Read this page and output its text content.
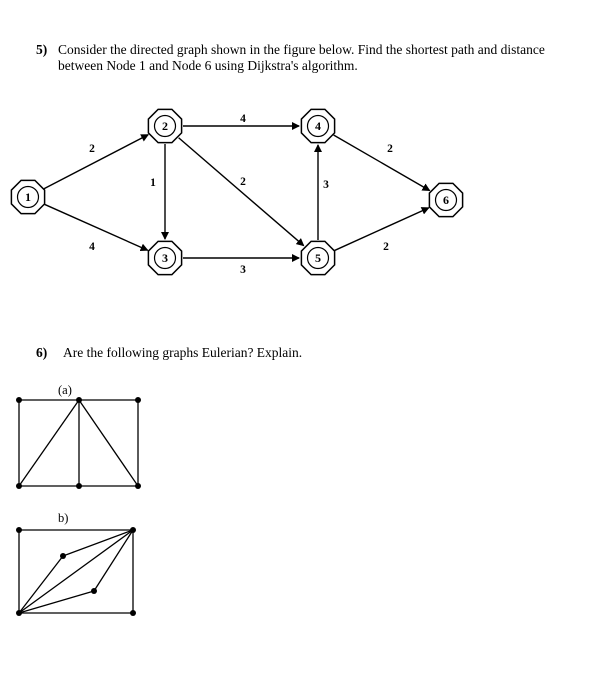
5) Consider the directed graph shown in the figure below. Find the shortest path and distance between Node 1 and Node 6 using Dijkstra's algorithm.
2
4
1
4
2
3
3
2
2
1
2
3
4
5
6
(a)
b)
6) Are the following graphs Eulerian? Explain.
